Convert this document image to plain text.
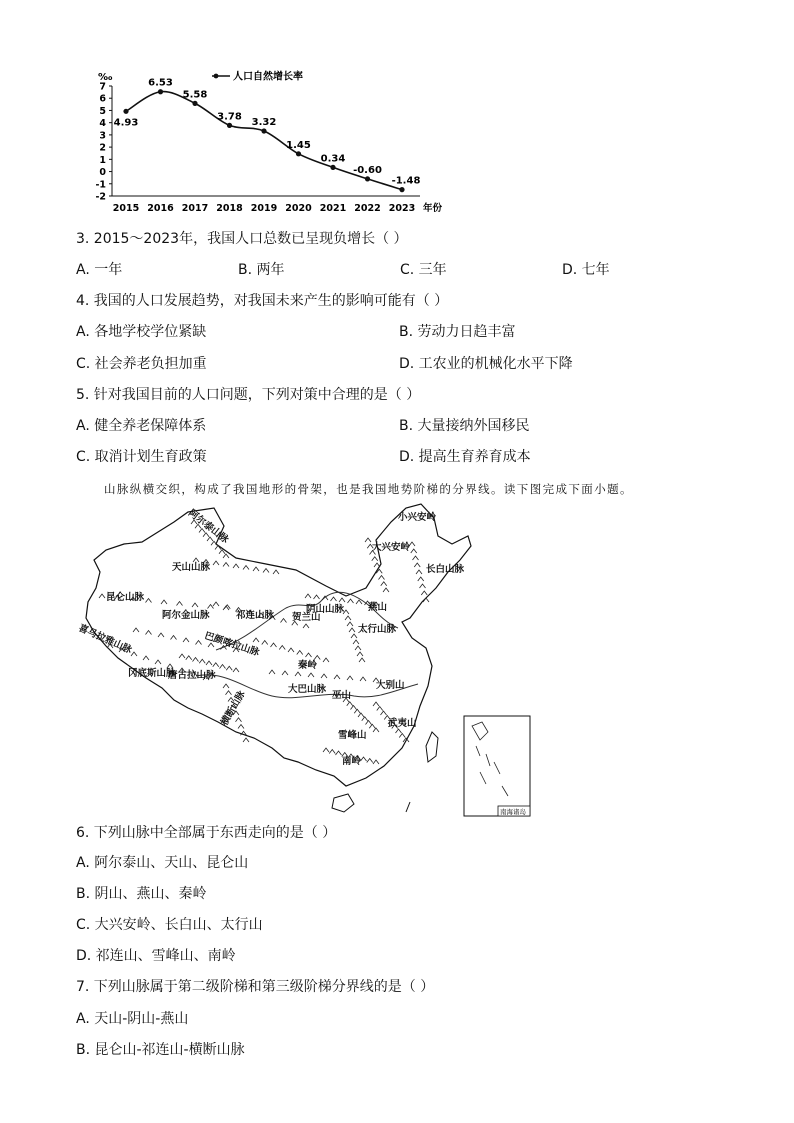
‰
7
6
5
4
3
2
1
0
-1
-2
2015 2016 2017 2018 2019 2020 2021 2022 2023 年份
4.93
6.53
5.58
3.78
3.32
1.45
0.34
-0.60
-1.48
人口自然增长率
3. 2015～2023年，我国人口总数已呈现负增长（ ）
A. 一年	B. 两年	C. 三年	D. 七年
4. 我国的人口发展趋势，对我国未来产生的影响可能有（ ）
A. 各地学校学位紧缺	B. 劳动力日趋丰富
C. 社会养老负担加重	D. 工农业的机械化水平下降
5. 针对我国目前的人口问题，下列对策中合理的是（ ）
A. 健全养老保障体系	B. 大量接纳外国移民
C. 取消计划生育政策	D. 提高生育养育成本
山脉纵横交织，构成了我国地形的骨架，也是我国地势阶梯的分界线。读下图完成下面小题。
阿尔泰山脉
天山山脉
昆仑山脉
阿尔金山脉	祁连山脉
阴山山脉
贺兰山
燕山
太行山脉
巴颜喀拉山脉
秦岭
喜马拉雅山脉
唐古拉山脉
冈底斯山脉
大巴山脉
巫山
大别山
横断山脉
雪峰山
武夷山
南岭
大兴安岭
小兴安岭
长白山脉
南海诸岛
6. 下列山脉中全部属于东西走向的是（ ）
A. 阿尔泰山、天山、昆仑山
B. 阴山、燕山、秦岭
C. 大兴安岭、长白山、太行山
D. 祁连山、雪峰山、南岭
7. 下列山脉属于第二级阶梯和第三级阶梯分界线的是（ ）
A. 天山-阴山-燕山
B. 昆仑山-祁连山-横断山脉
